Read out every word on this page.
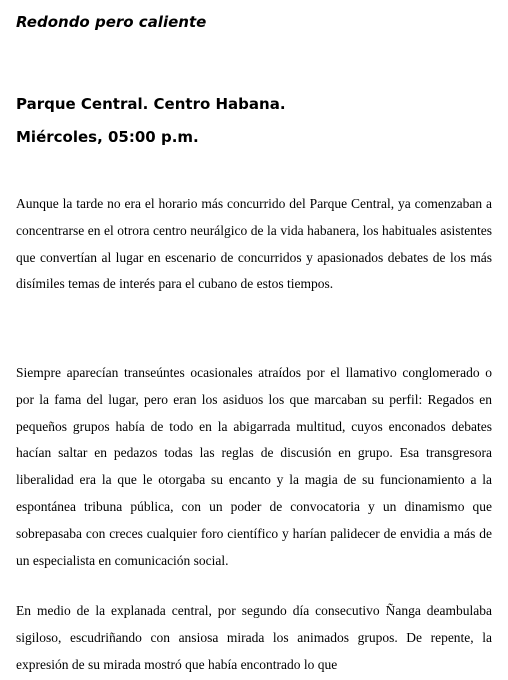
Redondo pero caliente
Parque Central. Centro Habana.
Miércoles, 05:00 p.m.

Aunque la tarde no era el horario más concurrido del Parque Central, ya comenzaban a concentrarse en el otrora centro neurálgico de la vida habanera, los habituales asistentes que convertían al lugar en escenario de concurridos y apasionados debates de los más disímiles temas de interés para el cubano de estos tiempos.

Siempre aparecían transeúntes ocasionales atraídos por el llamativo conglomerado o por la fama del lugar, pero eran los asiduos los que marcaban su perfil: Regados en pequeños grupos había de todo en la abigarrada multitud, cuyos enconados debates hacían saltar en pedazos todas las reglas de discusión en grupo. Esa transgresora liberalidad era la que le otorgaba su encanto y la magia de su funcionamiento a la espontánea tribuna pública, con un poder de convocatoria y un dinamismo que sobrepasaba con creces cualquier foro científico y harían palidecer de envidia a más de un especialista en comunicación social.

En medio de la explanada central, por segundo día consecutivo Ñanga deambulaba sigiloso, escudriñando con ansiosa mirada los animados grupos. De repente, la expresión de su mirada mostró que había encontrado lo que
